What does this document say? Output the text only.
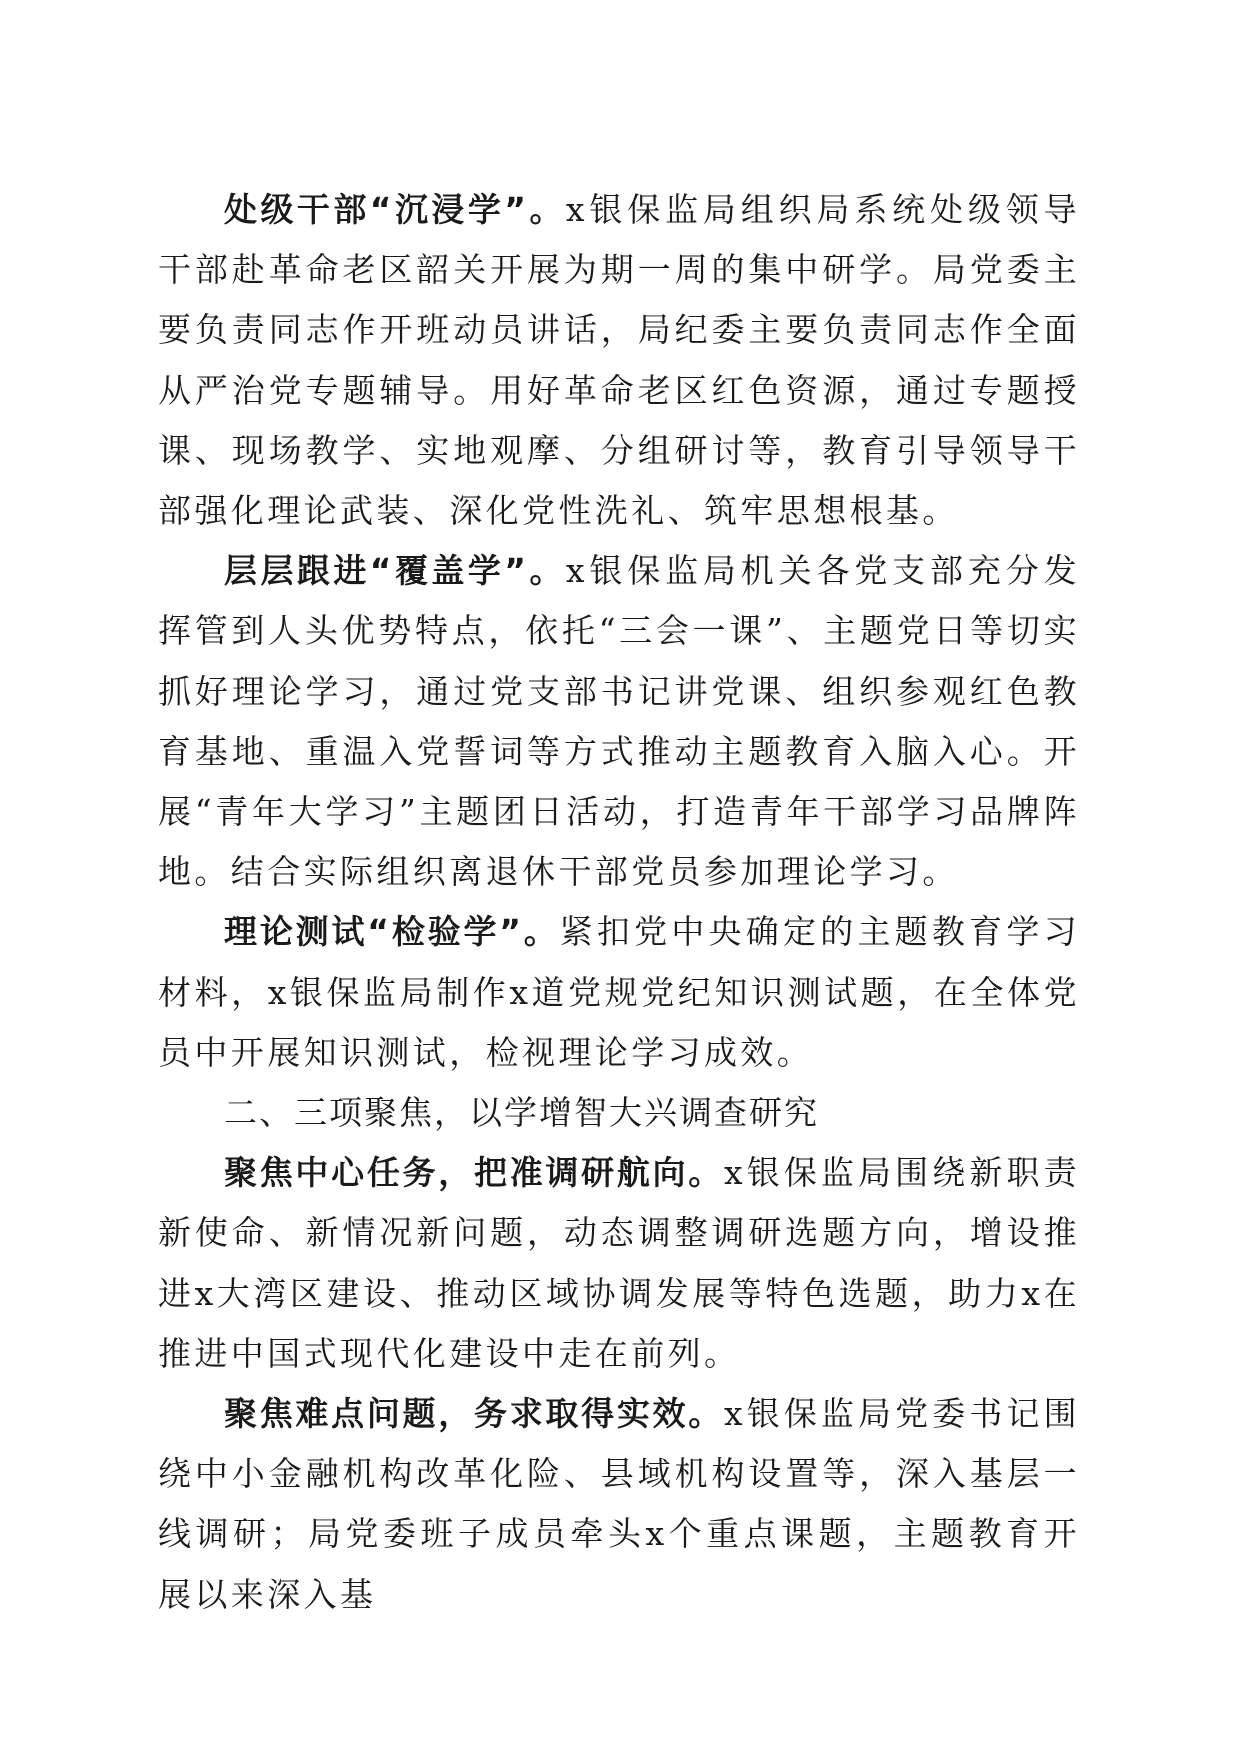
处级干部“沉浸学”。x银保监局组织局系统处级领导干部赴革命老区韶关开展为期一周的集中研学。局党委主要负责同志作开班动员讲话，局纪委主要负责同志作全面从严治党专题辅导。用好革命老区红色资源，通过专题授课、现场教学、实地观摩、分组研讨等，教育引导领导干部强化理论武装、深化党性洗礼、筑牢思想根基。

层层跟进“覆盖学”。x银保监局机关各党支部充分发挥管到人头优势特点，依托“三会一课”、主题党日等切实抓好理论学习，通过党支部书记讲党课、组织参观红色教育基地、重温入党誓词等方式推动主题教育入脑入心。开展“青年大学习”主题团日活动，打造青年干部学习品牌阵地。结合实际组织离退休干部党员参加理论学习。

理论测试“检验学”。紧扣党中央确定的主题教育学习材料，x银保监局制作x道党规党纪知识测试题，在全体党员中开展知识测试，检视理论学习成效。

二、三项聚焦，以学增智大兴调查研究

聚焦中心任务，把准调研航向。x银保监局围绕新职责新使命、新情况新问题，动态调整调研选题方向，增设推进x大湾区建设、推动区域协调发展等特色选题，助力x在推进中国式现代化建设中走在前列。

聚焦难点问题，务求取得实效。x银保监局党委书记围绕中小金融机构改革化险、县域机构设置等，深入基层一线调研；局党委班子成员牵头x个重点课题，主题教育开展以来深入基
